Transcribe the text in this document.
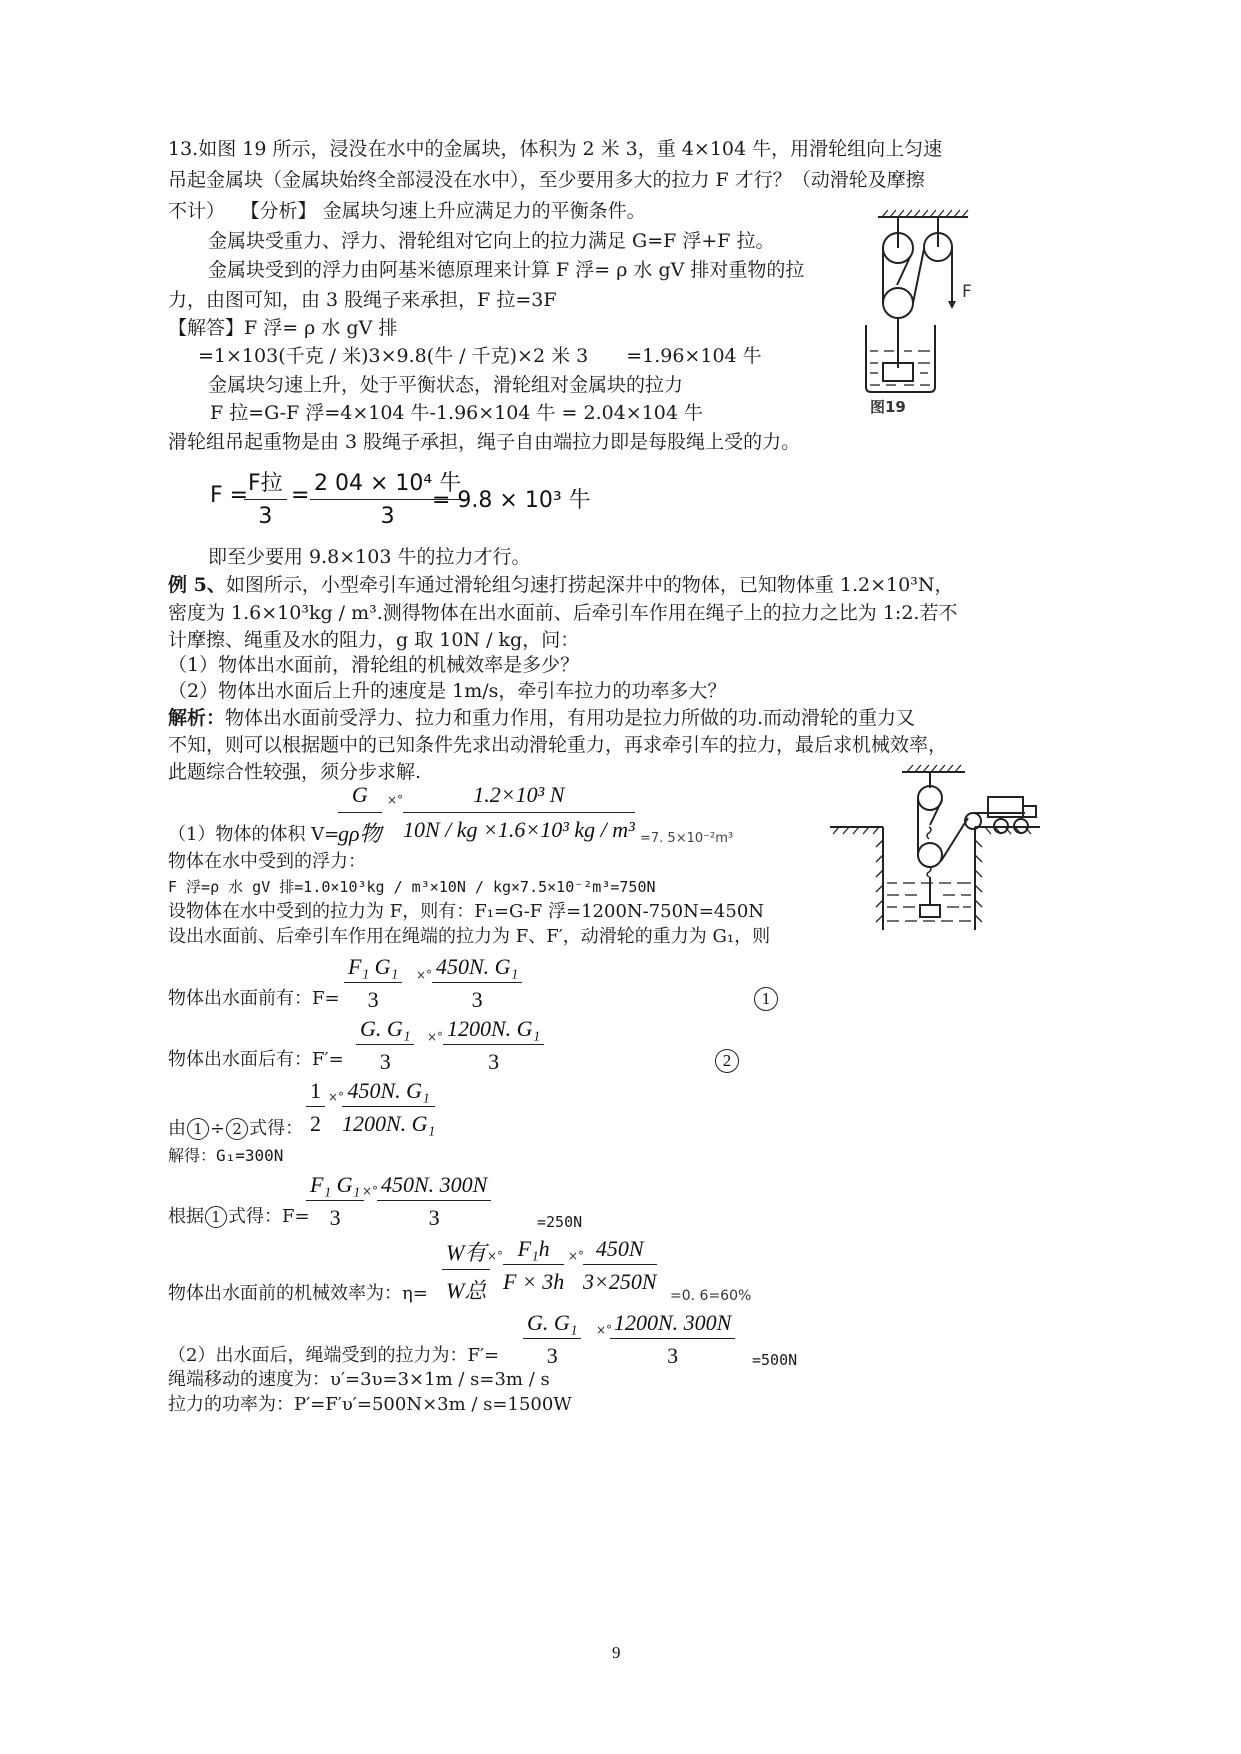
13.如图 19 所示，浸没在水中的金属块，体积为 2 米 3，重 4×104 牛，用滑轮组向上匀速
吊起金属块（金属块始终全部浸没在水中），至少要用多大的拉力 F 才行？（动滑轮及摩擦
不计）　 【分析】 金属块匀速上升应满足力的平衡条件。
金属块受重力、浮力、滑轮组对它向上的拉力满足 G=F 浮+F 拉。
金属块受到的浮力由阿基米德原理来计算 F 浮= ρ 水 gV 排对重物的拉
力，由图可知，由 3 股绳子来承担，F 拉=3F
【解答】F 浮= ρ 水 gV 排
=1×103(千克 / 米)3×9.8(牛 / 千克)×2 米 3　　=1.96×104 牛
金属块匀速上升，处于平衡状态，滑轮组对金属块的拉力
F 拉=G-F 浮=4×104 牛-1.96×104 牛 = 2.04×104 牛
滑轮组吊起重物是由 3 股绳子承担，绳子自由端拉力即是每股绳上受的力。
F = F拉
3
= 2 04 × 10⁴ 牛
3
= 9.8 × 10³ 牛
即至少要用 9.8×103 牛的拉力才行。
F
图19
例 5、如图所示，小型牵引车通过滑轮组匀速打捞起深井中的物体，已知物体重 1.2×10³N，
密度为 1.6×10³kg / m³.测得物体在出水面前、后牵引车作用在绳子上的拉力之比为 1:2.若不
计摩擦、绳重及水的阻力，g 取 10N / kg，问：
（1）物体出水面前，滑轮组的机械效率是多少？
（2）物体出水面后上升的速度是 1m/s，牵引车拉力的功率多大？
解析：物体出水面前受浮力、拉力和重力作用，有用功是拉力所做的功.而动滑轮的重力又
不知，则可以根据题中的已知条件先求出动滑轮重力，再求牵引车的拉力，最后求机械效率，
此题综合性较强，须分步求解.
（1）物体的体积 V=
G
gρ物
×° $\frac{\text{1.2×10³ N}}{\text{10N / kg ×1.6×10³ kg / m³}} =7$. 5×10⁻²m³
物体在水中受到的浮力：
F 浮=ρ 水 gV 排=1.0×10³kg / m³×10N / kg×7.5×10⁻²m³=750N
设物体在水中受到的拉力为 F，则有：F₁=G-F 浮=1200N-750N=450N
设出水面前、后牵引车作用在绳端的拉力为 F、F′，动滑轮的重力为 G₁，则
物体出水面前有：$F= \frac{\text{F₁ G₁}}{3}$ ×° $\frac{\text{450N. G₁}}{3}$	1
物体出水面后有：$F'= \frac{\text{G. G₁}}{3}$ ×° $\frac{\text{1200N. G₁}}{3}$	2
由 1 ÷ 2 式得： $\frac{1}{2}$ ×°
$\frac{\text{450N. G₁}}{\text{1200N. G₁}}$
解得：G₁=300N
根据 1 式得：F=
$\frac{\text{F₁ G₁}}{3}$
×°
$\frac{450N. 300N}{3}$	=250N
物体出水面前的机械效率为：η=
W有
W总
×° $\frac{\text{F₁h}}{F \times 3h}$ ×°
$\frac{450N}{3\times 250N}$
=0. 6=60%
（2）出水面后，绳端受到的拉力为：$F'= \frac{\text{G. G₁}}{3}$ ×°
$\frac{1200N. 300N}{3} =500N$
绳端移动的速度为：υ′=3υ=3×1m / s=3m / s
拉力的功率为：P′=F′υ′=500N×3m / s=1500W
9
